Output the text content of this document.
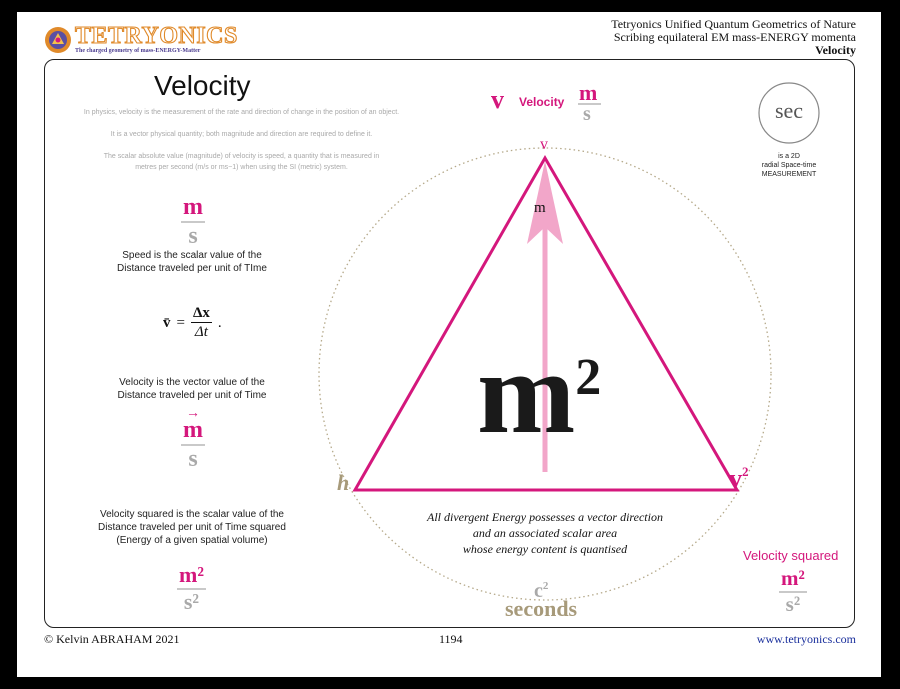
TETRYONICS
The charged geometry of mass-ENERGY-Matter
Tetryonics Unified Quantum Geometrics of Nature
Scribing equilateral EM mass-ENERGY momenta
Velocity
Velocity
In physics, velocity is the measurement of the rate and direction of change in the position of an object.
It is a vector physical quantity; both magnitude and direction are required to define it.
The scalar absolute value (magnitude) of velocity is speed, a quantity that is measured in
metres per second (m/s or ms−1) when using the SI (metric) system.
$\frac{m}{s}$
Speed is the scalar value of the
Distance traveled per unit of TIme
v̄ = $\frac{\Delta x}{\Delta t}$ .
Velocity is the vector value of the
Distance traveled per unit of Time
→
m
s
Velocity squared is the scalar value of the
Distance traveled per unit of Time squared
(Energy of a given spatial volume)
$\frac{\text{m²}}{\text{s²}}$
v Velocity m
s
v
m
$m^2$
h	$v^2$
All divergent Energy possesses a vector direction
and an associated scalar area
whose energy content is quantised
$c^2$
seconds
sec
is a 2D
radial Space-time
MEASUREMENT
Velocity squared
$\frac{\text{m²}}{\text{s²}}$
© Kelvin ABRAHAM 2021	1194	www.tetryonics.com
